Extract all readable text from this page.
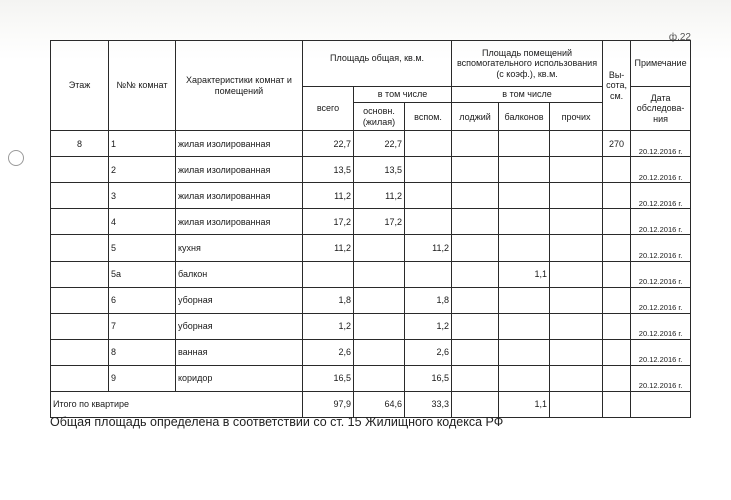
ф.22
Этаж	№№ комнат	Характеристики комнат и помещений	Площадь общая, кв.м.			Площадь помещений вспомогательного использования (с коэф.), кв.м.			Вы-сота, см.	Примечание
			всего	в том числе		в том числе				Дата обследова-ния
				основн. (жилая)	вспом.	лоджий	балконов	прочих		
8	1	жилая изолированная	22,7	22,7					270	20.12.2016 г.
	2	жилая изолированная	13,5	13,5						20.12.2016 г.
	3	жилая изолированная	11,2	11,2						20.12.2016 г.
	4	жилая изолированная	17,2	17,2						20.12.2016 г.
	5	кухня	11,2		11,2					20.12.2016 г.
	5а	балкон					1,1			20.12.2016 г.
	6	уборная	1,8		1,8					20.12.2016 г.
	7	уборная	1,2		1,2					20.12.2016 г.
	8	ванная	2,6		2,6					20.12.2016 г.
	9	коридор	16,5		16,5					20.12.2016 г.
Итого по квартире			97,9	64,6	33,3		1,1			
Общая площадь определена в соответствии со ст. 15 Жилищного кодекса РФ
